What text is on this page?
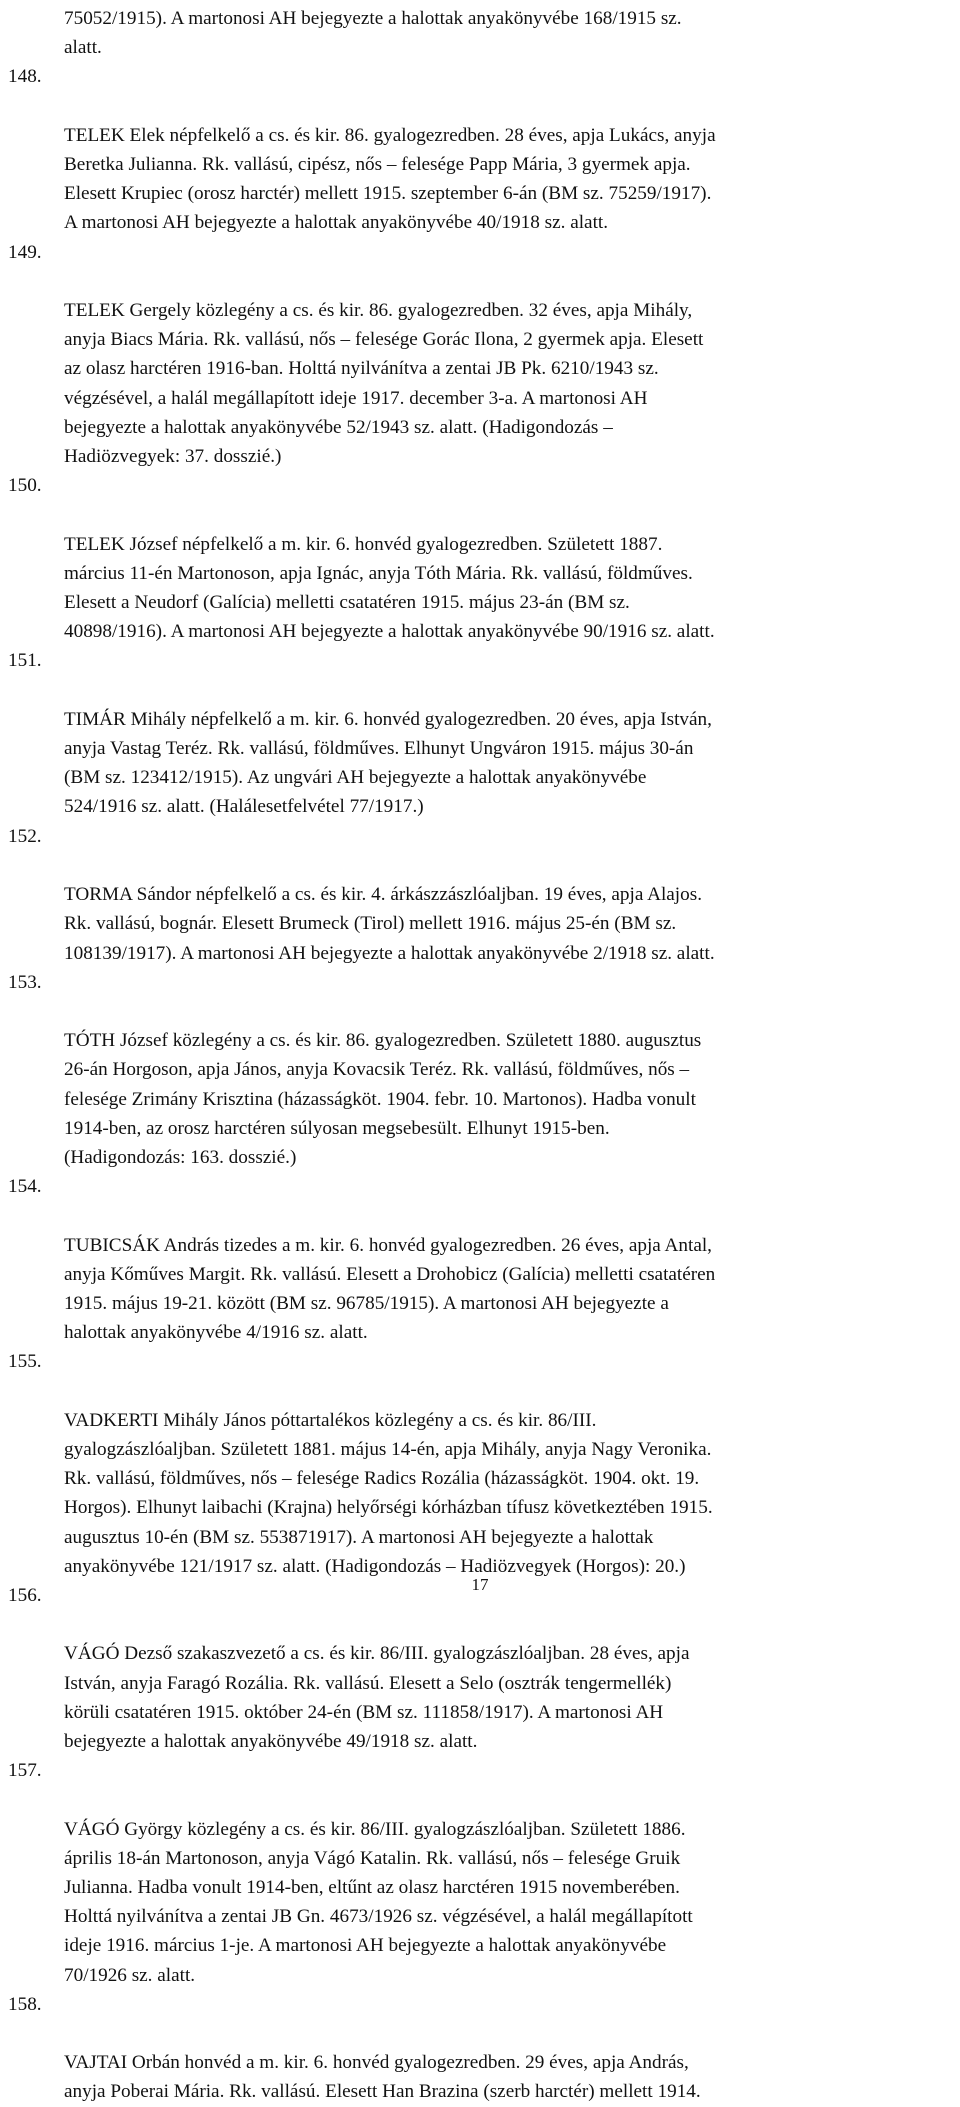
75052/1915). A martonosi AH bejegyezte a halottak anyakönyvébe 168/1915 sz.
alatt.

148.

TELEK Elek népfelkelő a cs. és kir. 86. gyalogezredben. 28 éves, apja Lukács, anyja
Beretka Julianna. Rk. vallású, cipész, nős – felesége Papp Mária, 3 gyermek apja.
Elesett Krupiec (orosz harctér) mellett 1915. szeptember 6-án (BM sz. 75259/1917).
A martonosi AH bejegyezte a halottak anyakönyvébe 40/1918 sz. alatt.

149.

TELEK Gergely közlegény a cs. és kir. 86. gyalogezredben. 32 éves, apja Mihály,
anyja Biacs Mária. Rk. vallású, nős – felesége Gorác Ilona, 2 gyermek apja. Elesett
az olasz harctéren 1916-ban. Holttá nyilvánítva a zentai JB Pk. 6210/1943 sz.
végzésével, a halál megállapított ideje 1917. december 3-a. A martonosi AH
bejegyezte a halottak anyakönyvébe 52/1943 sz. alatt. (Hadigondozás –
Hadiözvegyek: 37. dosszié.)

150.

TELEK József népfelkelő a m. kir. 6. honvéd gyalogezredben. Született 1887.
március 11-én Martonoson, apja Ignác, anyja Tóth Mária. Rk. vallású, földműves.
Elesett a Neudorf (Galícia) melletti csatatéren 1915. május 23-án (BM sz.
40898/1916). A martonosi AH bejegyezte a halottak anyakönyvébe 90/1916 sz. alatt.

151.

TIMÁR Mihály népfelkelő a m. kir. 6. honvéd gyalogezredben. 20 éves, apja István,
anyja Vastag Teréz. Rk. vallású, földműves. Elhunyt Ungváron 1915. május 30-án
(BM sz. 123412/1915). Az ungvári AH bejegyezte a halottak anyakönyvébe
524/1916 sz. alatt. (Halálesetfelvétel 77/1917.)

152.

TORMA Sándor népfelkelő a cs. és kir. 4. árkászzászlóaljban. 19 éves, apja Alajos.
Rk. vallású, bognár. Elesett Brumeck (Tirol) mellett 1916. május 25-én (BM sz.
108139/1917). A martonosi AH bejegyezte a halottak anyakönyvébe 2/1918 sz. alatt.

153.

TÓTH József közlegény a cs. és kir. 86. gyalogezredben. Született 1880. augusztus
26-án Horgoson, apja János, anyja Kovacsik Teréz. Rk. vallású, földműves, nős –
felesége Zrimány Krisztina (házasságköt. 1904. febr. 10. Martonos). Hadba vonult
1914-ben, az orosz harctéren súlyosan megsebesült. Elhunyt 1915-ben.
(Hadigondozás: 163. dosszié.)

154.

TUBICSÁK András tizedes a m. kir. 6. honvéd gyalogezredben. 26 éves, apja Antal,
anyja Kőműves Margit. Rk. vallású. Elesett a Drohobicz (Galícia) melletti csatatéren
1915. május 19-21. között (BM sz. 96785/1915). A martonosi AH bejegyezte a
halottak anyakönyvébe 4/1916 sz. alatt.

155.

VADKERTI Mihály János póttartalékos közlegény a cs. és kir. 86/III.
gyalogzászlóaljban. Született 1881. május 14-én, apja Mihály, anyja Nagy Veronika.
Rk. vallású, földműves, nős – felesége Radics Rozália (házasságköt. 1904. okt. 19.
Horgos). Elhunyt laibachi (Krajna) helyőrségi kórházban tífusz következtében 1915.
augusztus 10-én (BM sz. 553871917). A martonosi AH bejegyezte a halottak
anyakönyvébe 121/1917 sz. alatt. (Hadigondozás – Hadiözvegyek (Horgos): 20.)

156.

VÁGÓ Dezső szakaszvezető a cs. és kir. 86/III. gyalogzászlóaljban. 28 éves, apja
István, anyja Faragó Rozália. Rk. vallású. Elesett a Selo (osztrák tengermellék)
körüli csatatéren 1915. október 24-én (BM sz. 111858/1917). A martonosi AH
bejegyezte a halottak anyakönyvébe 49/1918 sz. alatt.

157.

VÁGÓ György közlegény a cs. és kir. 86/III. gyalogzászlóaljban. Született 1886.
április 18-án Martonoson, anyja Vágó Katalin. Rk. vallású, nős – felesége Gruik
Julianna. Hadba vonult 1914-ben, eltűnt az olasz harctéren 1915 novemberében.
Holttá nyilvánítva a zentai JB Gn. 4673/1926 sz. végzésével, a halál megállapított
ideje 1916. március 1-je. A martonosi AH bejegyezte a halottak anyakönyvébe
70/1926 sz. alatt.

158.

VAJTAI Orbán honvéd a m. kir. 6. honvéd gyalogezredben. 29 éves, apja András,
anyja Poberai Mária. Rk. vallású. Elesett Han Brazina (szerb harctér) mellett 1914.

17
